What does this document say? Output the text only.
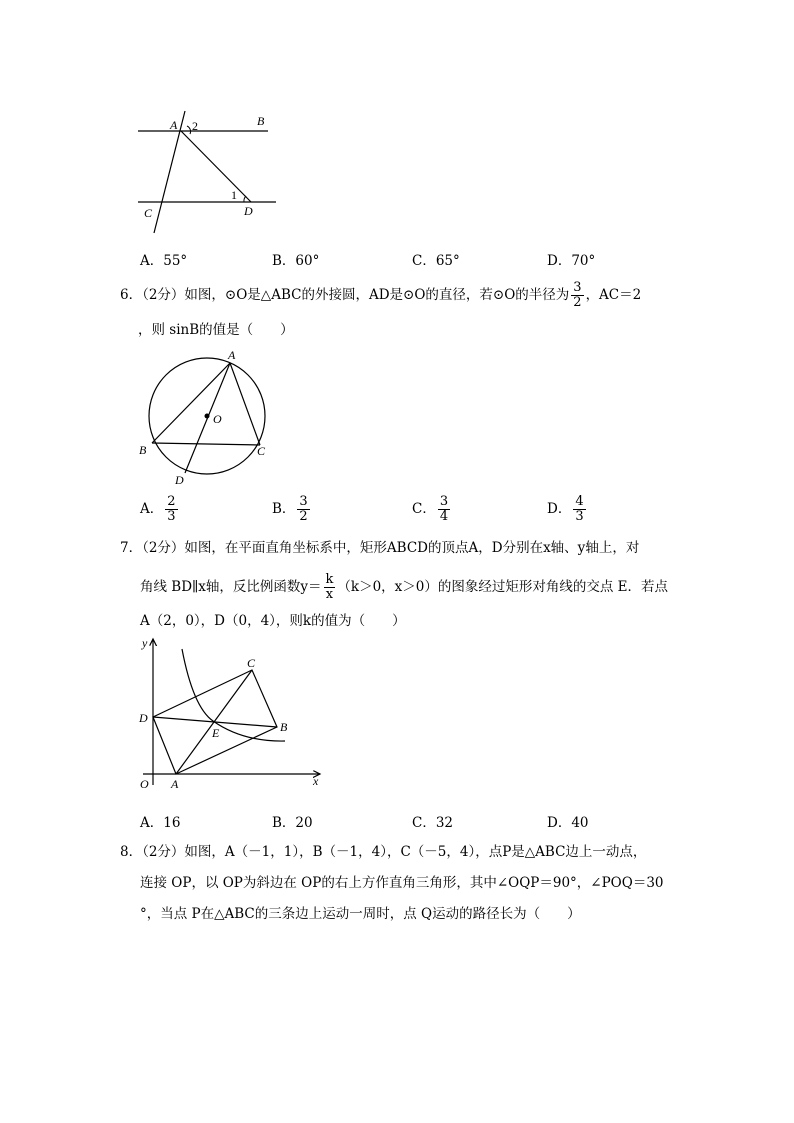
A 2	B
1
C	D
A．55°	B．60°	C．65°	D．70°
6．（2分）如图，⊙O是△ABC的外接圆，AD是⊙O的直径，若⊙O的半径为 $\frac{3}{2}$ ，AC＝2
，则 sinB的值是（　　）
A
O
B	C
D
A． $\frac{2}{3}$	B． $\frac{3}{2}$	C． $\frac{3}{4}$	D． $\frac{4}{3}$
7．（2分）如图，在平面直角坐标系中，矩形ABCD的顶点A，D分别在x轴、y轴上，对
角线 BD∥x轴，反比例函数$y= \frac{k}{x} (k>0$，x＞0）的图象经过矩形对角线的交点 E．若点
A（2，0），D（0，4），则k的值为（　　）
y
x
O A
D
C
B
E
A．16	B．20	C．32	D．40
8．（2分）如图，A（－1，1），B（－1，4），C（－5，4），点P是△ABC边上一动点，
连接 OP，以 OP为斜边在 OP的右上方作直角三角形，其中∠OQP＝90°，∠POQ＝30
°，当点 P在△ABC的三条边上运动一周时，点 Q运动的路径长为（　　）
